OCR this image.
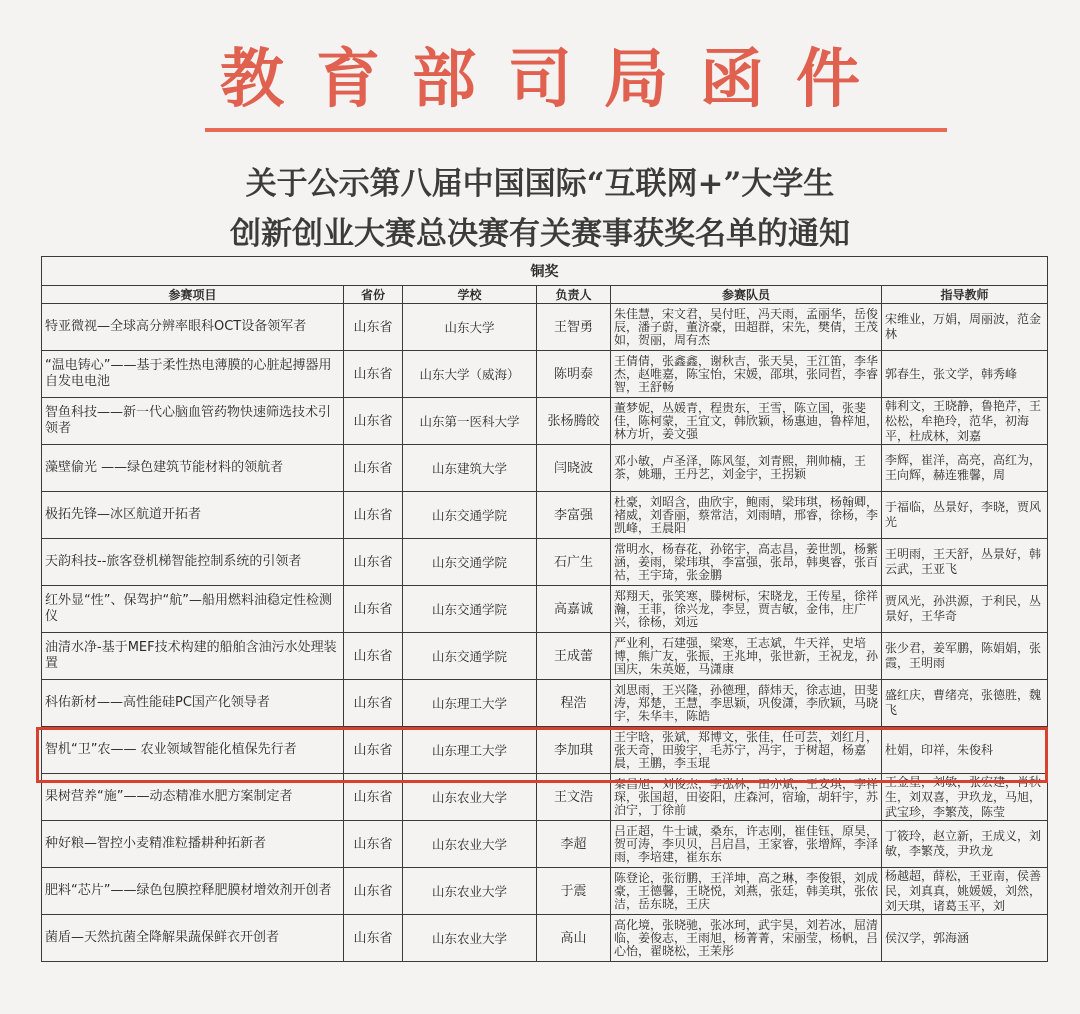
教育部司局函件
关于公示第八届中国国际“互联网+”大学生
创新创业大赛总决赛有关赛事获奖名单的通知
铜奖					
参赛项目	省份	学校	负责人	参赛队员	指导教师
特亚微视—全球高分辨率眼科OCT设备领军者	山东省	山东大学	王智勇	朱佳慧，宋文君，吴付旺，冯天雨，孟丽华，岳俊辰，潘子蔚，董济豪，田超群，宋先，樊倩，王茂如，贺丽，周有杰	宋维业，万娟，周丽波，范金林

“温电铸心”——基于柔性热电薄膜的心脏起搏器用自发电电池	山东省	山东大学（威海）	陈明泰	王倩倩，张鑫鑫，谢秋吉，张天昊，王江笛，李华杰，赵唯嘉，陈宝怡，宋媛，邵琪，张同哲，李睿智，王舒畅	郭春生，张文学，韩秀峰

智鱼科技——新一代心脑血管药物快速筛选技术引领者	山东省	山东第一医科大学	张杨腾皎	董梦妮，丛媛青，程贵东，王雪，陈立国，张斐佳，陈柯蒙，王宜文，韩欣颖，杨惠迪，鲁梓旭，林方圻，姜文强	韩利文，王晓静，鲁艳芹，王松松，牟艳玲，范华，初海平，杜成林，刘嘉

藻壁偷光 ——绿色建筑节能材料的领航者	山东省	山东建筑大学	闫晓波	邓小敏，卢圣泽，陈风玺，刘青熙，荆帅楠，王茶，姚珊，王丹艺，刘金宇，王拐颖	李辉，崔洋，高亮，高红为，王向辉，赫连雅馨，周

极拓先锋—冰区航道开拓者	山东省	山东交通学院	李富强	杜豪，刘昭含，曲欣宇，鲍雨，梁玮琪，杨翰卿，褚威，刘香丽，蔡常洁，刘雨晴，邢睿，徐杨，李凯峰，王晨阳	于福临，丛景好，李晓，贾风光

天韵科技--旅客登机梯智能控制系统的引领者	山东省	山东交通学院	石广生	常明水，杨春花，孙铭宇，高志昌，姜世凯，杨紫涵，姜雨，梁玮琪，李富强，张昂，韩奥睿，张百祜，王宇琦，张金鹏	王明雨，王天舒，丛景好，韩云武，王亚飞

红外显“性”、保驾护“航”—船用燃料油稳定性检测仪	山东省	山东交通学院	高嘉诚	郑翔天，张笑寒，滕树标，宋晓龙，王传星，徐祥瀚，王菲，徐兴龙，李昱，贾吉敏，金伟，庄广兴，徐杨，刘远	贾风光，孙洪源，于利民，丛景好，王华奇

油清水净-基于MEF技术构建的船舶含油污水处理装置	山东省	山东交通学院	王成蕾	严业利，石建强，梁寒，王志斌，牛天祥，史培博，熊广友，张振，王兆坤，张世新，王祝龙，孙国庆，朱英姬，马潇康	张少君，姜军鹏，陈娟娟，张霞，王明雨

科佑新材——高性能硅PC国产化领导者	山东省	山东理工大学	程浩	刘思雨，王兴隆，孙德理，薛炜天，徐志迪，田斐涛，郑楚，王慧，李思颖，巩俊潇，李欣颖，马晓宇，朱华丰，陈皓	盛红庆，曹绪亮，张德胜，魏飞

智机“卫”农—— 农业领域智能化植保先行者	山东省	山东理工大学	李加琪	王宇晗，张斌，郑博文，张佳，任可芸，刘红月，张天奇，田骏宇，毛苏宁，冯宇，于树超，杨嘉晨，王鹏，李玉琨	杜娟，印祥，朱俊科

果树营养“施”——动态精准水肥方案制定者	山东省	山东农业大学	王文浩	秦昌旭，刘俊杰，李泓林，田亦斌，王安琪，李祥琛，张国超，田姿阳，庄森河，宿瑜，胡轩宇，苏泊宁，丁徐前	王金星，刘敏，张宏建，肖秋生，刘双喜，尹玖龙，马旭，武宝珍，李繁茂，陈莹

种好粮—智控小麦精准粒播耕种拓新者	山东省	山东农业大学	李超	吕正超，牛士诚，桑东，许志刚，崔佳钰，原昊，贺可涛，李贝贝，吕启昌，王家睿，张增辉，李泽雨，李培建，崔东东	丁筱玲，赵立新，王成义，刘敏，李繁茂，尹玖龙

肥料“芯片”——绿色包膜控释肥膜材增效剂开创者	山东省	山东农业大学	于震	陈登论，张衍鹏，王洋坤，高之琳，李俊银，刘成豪，王德馨，王晓悦，刘燕，张廷，韩美琪，张依洁，岳东晓，王庆	杨越超，薛松，王亚南，侯善民，刘真真，姚媛媛，刘然，刘天琪，诸葛玉平，刘

菌盾—天然抗菌全降解果蔬保鲜衣开创者	山东省	山东农业大学	高山	高化境，张晓驰，张冰珂，武宇昊，刘若冰，屈清临，姜俊志，王雨旭，杨菁菁，宋丽莹，杨帆，吕心怡，翟晓松，王茉彤	侯汉学，郭海涵
